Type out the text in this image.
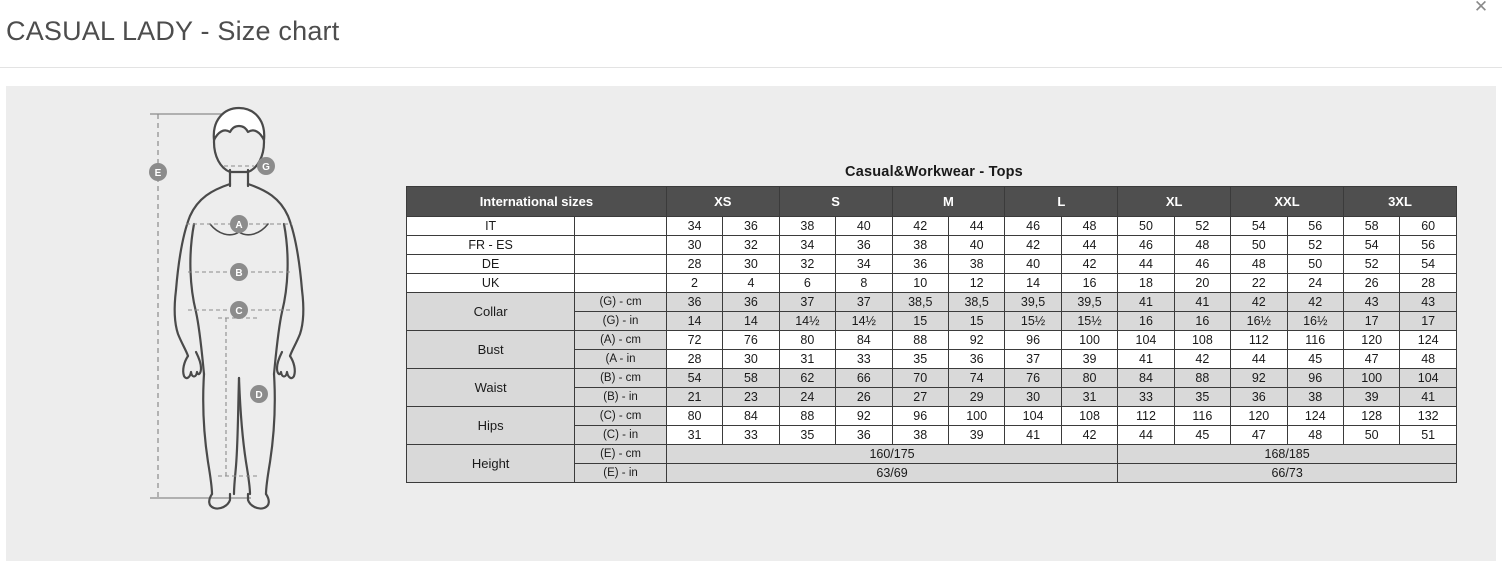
CASUAL LADY - Size chart
✕
E
A
B
C
D
G	Casual&Workwear - Tops
International sizes		XS		S		M		L		XL		XXL		3XL	
IT		34	36	38	40	42	44	46	48	50	52	54	56	58	60
FR - ES		30	32	34	36	38	40	42	44	46	48	50	52	54	56
DE		28	30	32	34	36	38	40	42	44	46	48	50	52	54
UK		2	4	6	8	10	12	14	16	18	20	22	24	26	28
Collar	(G) - cm	36	36	37	37	38,5	38,5	39,5	39,5	41	41	42	42	43	43
	(G) - in	14	14	14½	14½	15	15	15½	15½	16	16	16½	16½	17	17
Bust	(A) - cm	72	76	80	84	88	92	96	100	104	108	112	116	120	124
	(A - in	28	30	31	33	35	36	37	39	41	42	44	45	47	48
Waist	(B) - cm	54	58	62	66	70	74	76	80	84	88	92	96	100	104
	(B) - in	21	23	24	26	27	29	30	31	33	35	36	38	39	41
Hips	(C) - cm	80	84	88	92	96	100	104	108	112	116	120	124	128	132
	(C) - in	31	33	35	36	38	39	41	42	44	45	47	48	50	51
Height	(E) - cm	160/175								168/185					
	(E) - in	63/69								66/73					
